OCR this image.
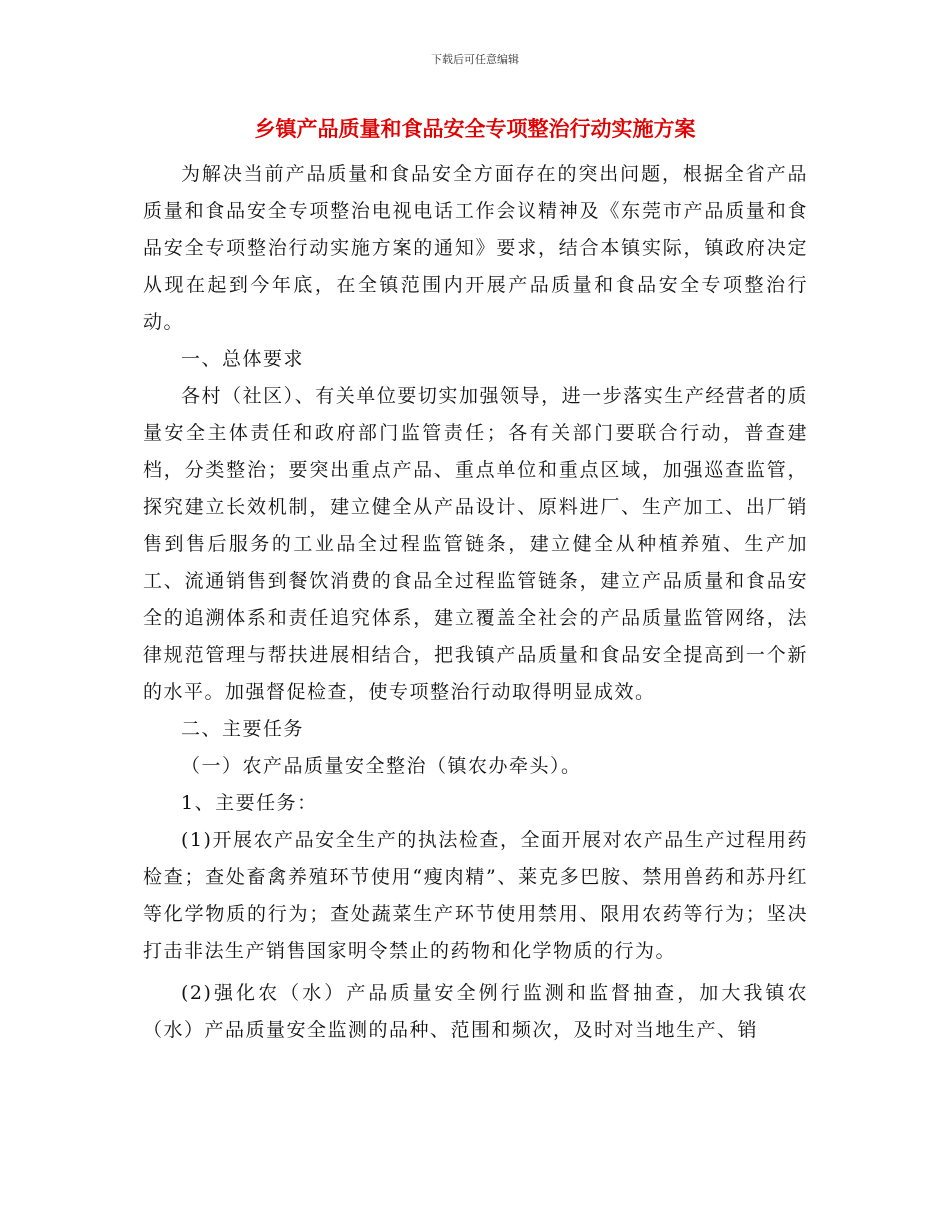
下载后可任意编辑
乡镇产品质量和食品安全专项整治行动实施方案

为解决当前产品质量和食品安全方面存在的突出问题，根据全省产品质量和食品安全专项整治电视电话工作会议精神及《东莞市产品质量和食品安全专项整治行动实施方案的通知》要求，结合本镇实际，镇政府决定从现在起到今年底，在全镇范围内开展产品质量和食品安全专项整治行动。

一、总体要求

各村（社区）、有关单位要切实加强领导，进一步落实生产经营者的质量安全主体责任和政府部门监管责任；各有关部门要联合行动，普查建档，分类整治；要突出重点产品、重点单位和重点区域，加强巡查监管，探究建立长效机制，建立健全从产品设计、原料进厂、生产加工、出厂销售到售后服务的工业品全过程监管链条，建立健全从种植养殖、生产加工、流通销售到餐饮消费的食品全过程监管链条，建立产品质量和食品安全的追溯体系和责任追究体系，建立覆盖全社会的产品质量监管网络，法律规范管理与帮扶进展相结合，把我镇产品质量和食品安全提高到一个新的水平。加强督促检查，使专项整治行动取得明显成效。

二、主要任务

（一）农产品质量安全整治（镇农办牵头）。

1、主要任务：

(1)开展农产品安全生产的执法检查，全面开展对农产品生产过程用药检查；查处畜禽养殖环节使用“瘦肉精”、莱克多巴胺、禁用兽药和苏丹红等化学物质的行为；查处蔬菜生产环节使用禁用、限用农药等行为；坚决打击非法生产销售国家明令禁止的药物和化学物质的行为。

(2)强化农（水）产品质量安全例行监测和监督抽查，加大我镇农（水）产品质量安全监测的品种、范围和频次，及时对当地生产、销
